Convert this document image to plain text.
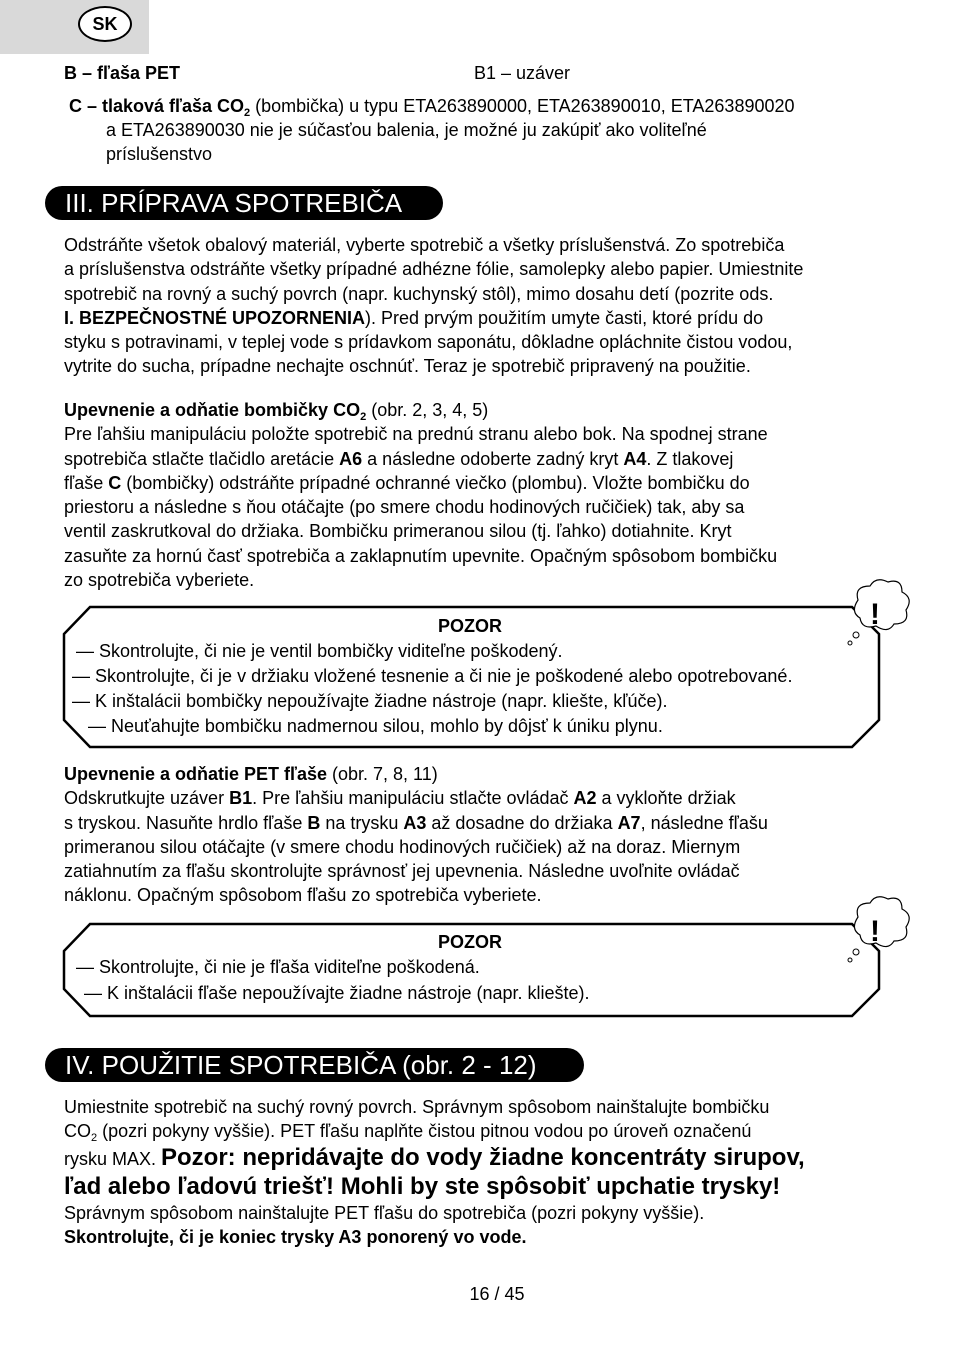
SK
B – fľaša PET	B1 – uzáver
C – tlaková fľaša $CO_2$ (bombička) u typu ETA263890000, ETA263890010, ETA263890020
a ETA263890030 nie je súčasťou balenia, je možné ju zakúpiť ako voliteľné
príslušenstvo
III. PRÍPRAVA SPOTREBIČA

Odstráňte všetok obalový materiál, vyberte spotrebič a všetky príslušenstvá. Zo spotrebiča

a príslušenstva odstráňte všetky prípadné adhézne fólie, samolepky alebo papier. Umiestnite

spotrebič na rovný a suchý povrch (napr. kuchynský stôl), mimo dosahu detí (pozrite ods.

I. BEZPEČNOSTNÉ UPOZORNENIA). Pred prvým použitím umyte časti, ktoré prídu do

styku s potravinami, v teplej vode s prídavkom saponátu, dôkladne opláchnite čistou vodou,

vytrite do sucha, prípadne nechajte oschnúť. Teraz je spotrebič pripravený na použitie.

Upevnenie a odňatie bombičky $CO_2$ (obr. 2, 3, 4, 5)

Pre ľahšiu manipuláciu položte spotrebič na prednú stranu alebo bok. Na spodnej strane

spotrebiča stlačte tlačidlo aretácie A6 a následne odoberte zadný kryt A4. Z tlakovej

fľaše C (bombičky) odstráňte prípadné ochranné viečko (plombu). Vložte bombičku do

priestoru a následne s ňou otáčajte (po smere chodu hodinových ručičiek) tak, aby sa

ventil zaskrutkoval do držiaka. Bombičku primeranou silou (tj. ľahko) dotiahnite. Kryt

zasuňte za hornú časť spotrebiča a zaklapnutím upevnite. Opačným spôsobom bombičku

zo spotrebiča vyberiete.

!
!
POZOR
— Skontrolujte, či nie je ventil bombičky viditeľne poškodený.
— Skontrolujte, či je v držiaku vložené tesnenie a či nie je poškodené alebo opotrebované.
— K inštalácii bombičky nepoužívajte žiadne nástroje (napr. kliešte, kľúče).
— Neuťahujte bombičku nadmernou silou, mohlo by dôjsť k úniku plynu.

Upevnenie a odňatie PET fľaše (obr. 7, 8, 11)

Odskrutkujte uzáver B1. Pre ľahšiu manipuláciu stlačte ovládač A2 a vykloňte držiak

s tryskou. Nasuňte hrdlo fľaše B na trysku A3 až dosadne do držiaka A7, následne fľašu

primeranou silou otáčajte (v smere chodu hodinových ručičiek) až na doraz. Miernym

zatiahnutím za fľašu skontrolujte správnosť jej upevnenia. Následne uvoľnite ovládač

náklonu. Opačným spôsobom fľašu zo spotrebiča vyberiete.

POZOR
— Skontrolujte, či nie je fľaša viditeľne poškodená.
— K inštalácii fľaše nepoužívajte žiadne nástroje (napr. kliešte).
IV. POUŽITIE SPOTREBIČA (obr. 2 - 12)
Umiestnite spotrebič na suchý rovný povrch. Správnym spôsobom nainštalujte bombičku
$CO_2$ (pozri pokyny vyššie). PET fľašu naplňte čistou pitnou vodou po úroveň označenú
rysku MAX. Pozor: nepridávajte do vody žiadne koncentráty sirupov,
ľad alebo ľadovú triešť! Mohli by ste spôsobiť upchatie trysky!
Správnym spôsobom nainštalujte PET fľašu do spotrebiča (pozri pokyny vyššie).
Skontrolujte, či je koniec trysky A3 ponorený vo vode.
16 / 45
